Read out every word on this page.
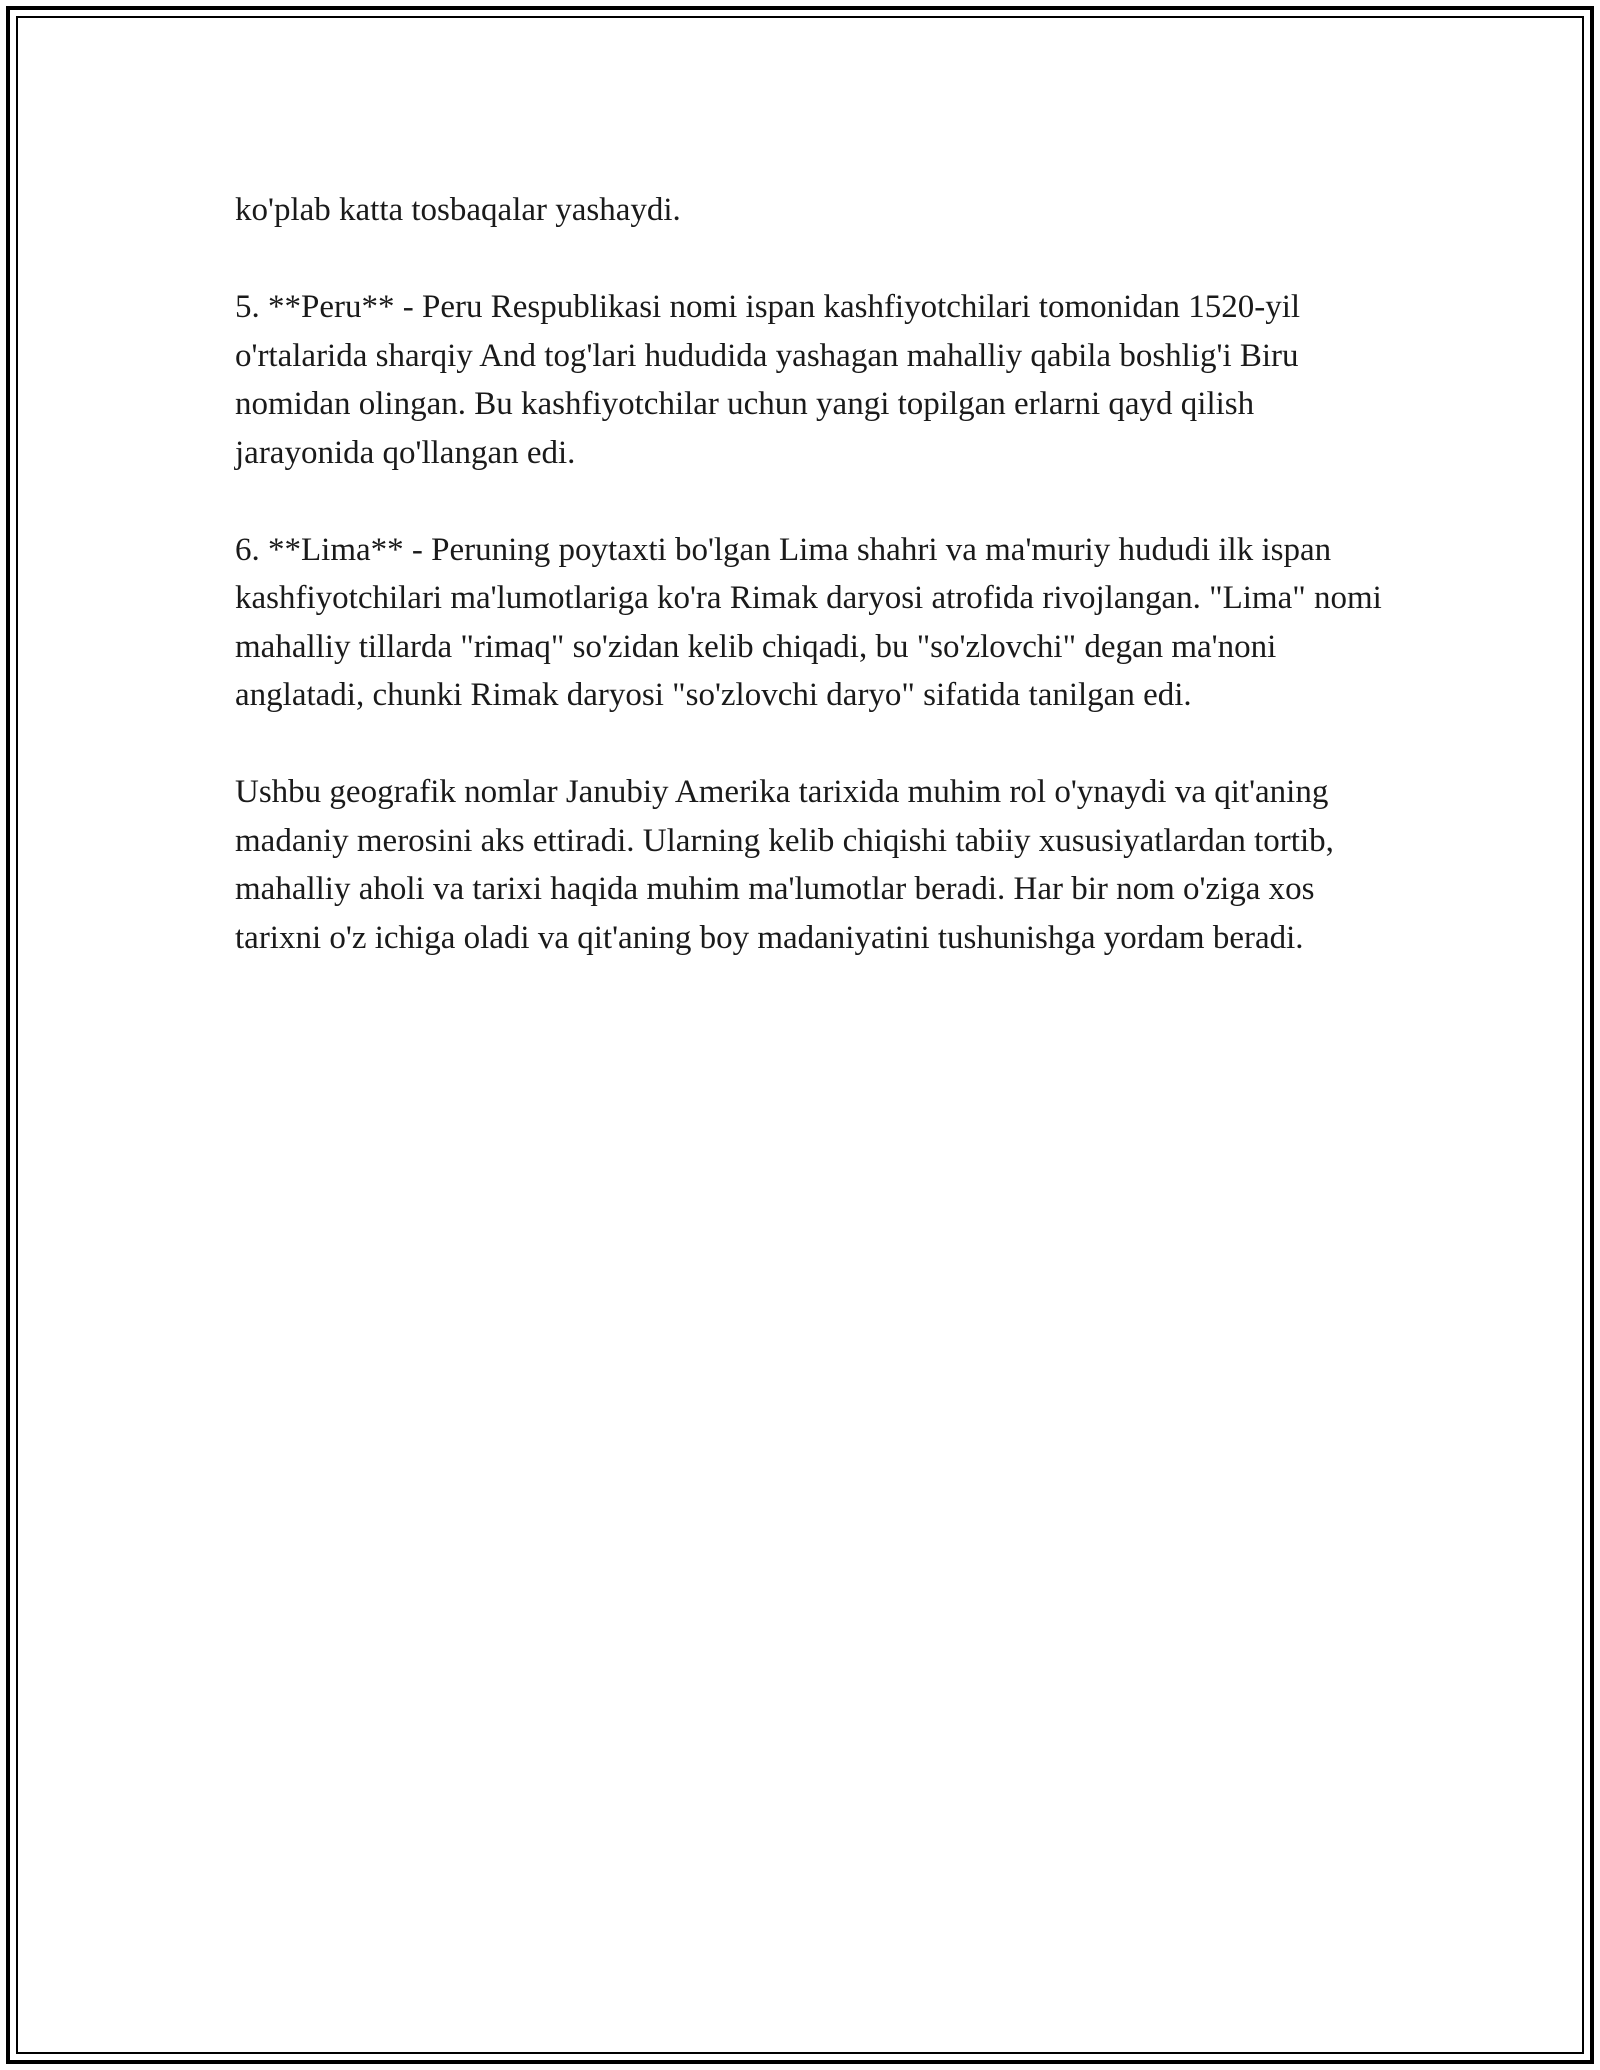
ko'plab katta tosbaqalar yashaydi.

5. **Peru** - Peru Respublikasi nomi ispan kashfiyotchilari tomonidan 1520-yil o'rtalarida sharqiy And tog'lari hududida yashagan mahalliy qabila boshlig'i Biru nomidan olingan. Bu kashfiyotchilar uchun yangi topilgan erlarni qayd qilish jarayonida qo'llangan edi.

6. **Lima** - Peruning poytaxti bo'lgan Lima shahri va ma'muriy hududi ilk ispan kashfiyotchilari ma'lumotlariga ko'ra Rimak daryosi atrofida rivojlangan. "Lima" nomi mahalliy tillarda "rimaq" so'zidan kelib chiqadi, bu "so'zlovchi" degan ma'noni anglatadi, chunki Rimak daryosi "so'zlovchi daryo" sifatida tanilgan edi.

Ushbu geografik nomlar Janubiy Amerika tarixida muhim rol o'ynaydi va qit'aning madaniy merosini aks ettiradi. Ularning kelib chiqishi tabiiy xususiyatlardan tortib, mahalliy aholi va tarixi haqida muhim ma'lumotlar beradi. Har bir nom o'ziga xos tarixni o'z ichiga oladi va qit'aning boy madaniyatini tushunishga yordam beradi.
